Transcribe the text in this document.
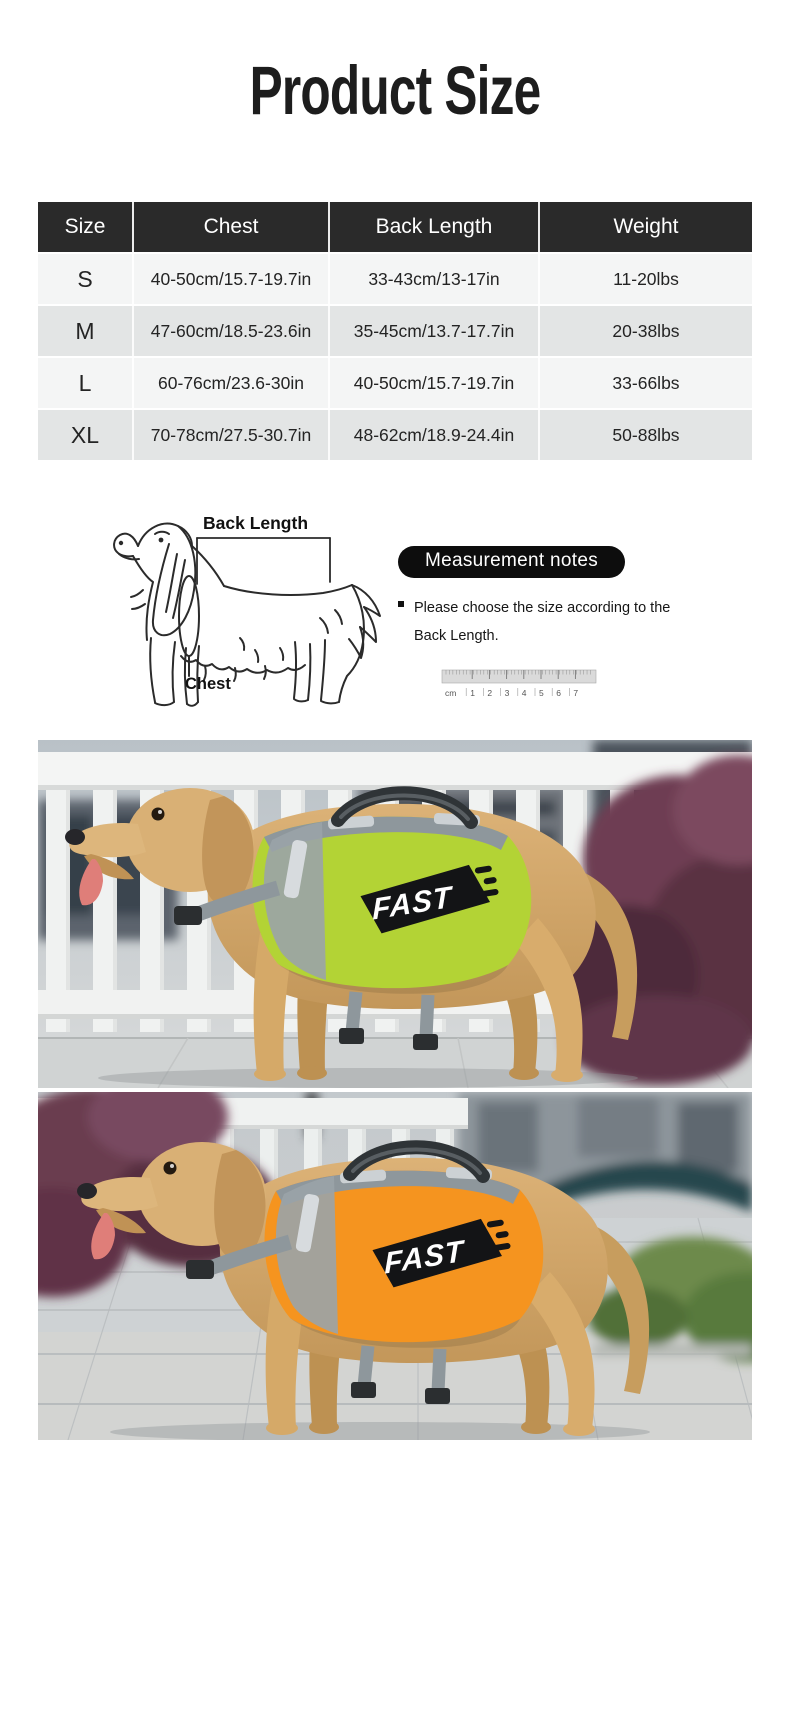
Product Size
Size	Chest	Back Length	Weight
S	40-50cm/15.7-19.7in	33-43cm/13-17in	11-20lbs
M	47-60cm/18.5-23.6in	35-45cm/13.7-17.7in	20-38lbs
L	60-76cm/23.6-30in	40-50cm/15.7-19.7in	33-66lbs
XL	70-78cm/27.5-30.7in	48-62cm/18.9-24.4in	50-88lbs
Back Length
Chest
Measurement notes
Please choose the size according to the
Back Length.
cm 1 2 3 4 5 6 7
FAST
FAST
